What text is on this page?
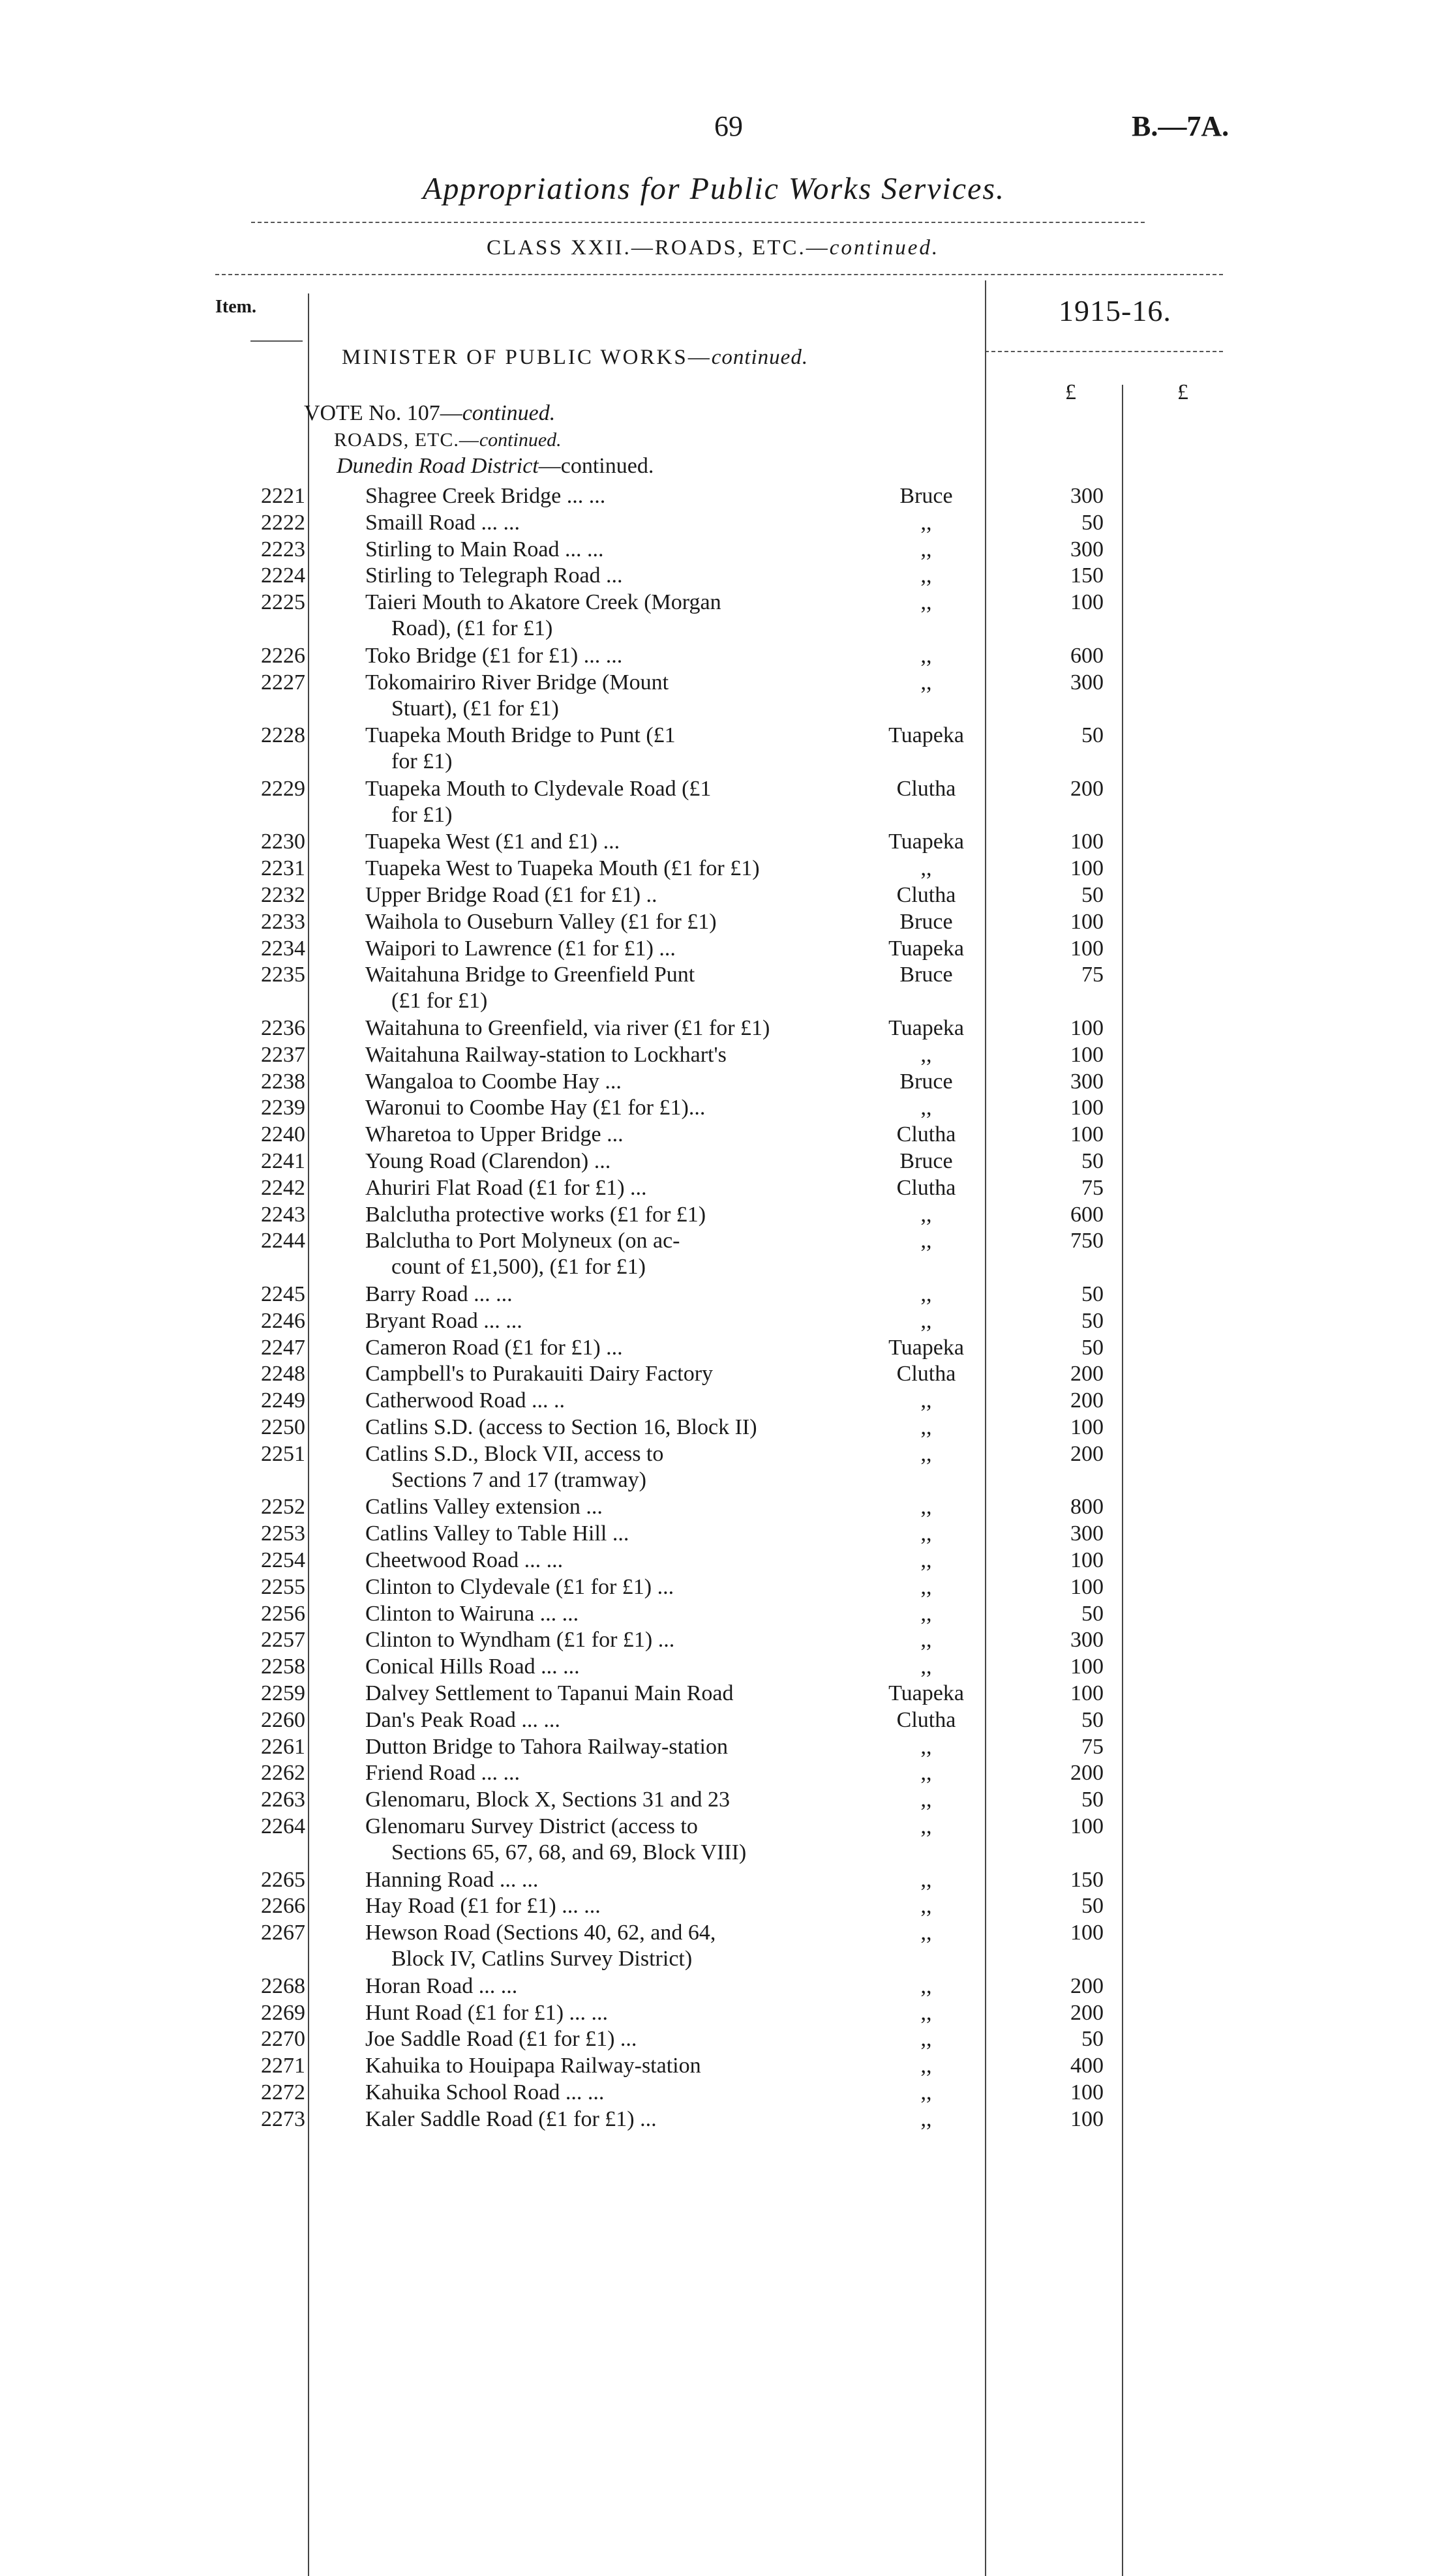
69	B.—7A.
Appropriations for Public Works Services.
CLASS XXII.—ROADS, ETC.—continued.
Item.	1915-16.
£	£
MINISTER OF PUBLIC WORKS—continued.
VOTE No. 107—continued.
ROADS, ETC.—continued.
Dunedin Road District—continued.
2221	Shagree Creek Bridge ... ...	Bruce	300
2222	Smaill Road ... ...	,,	50
2223	Stirling to Main Road ... ...	,,	300
2224	Stirling to Telegraph Road ...	,,	150
2225	Taieri Mouth to Akatore Creek (Morgan	,,	100
Road), (£1 for £1)
2226	Toko Bridge (£1 for £1) ... ...	,,	600
2227	Tokomairiro River Bridge (Mount	,,	300
Stuart), (£1 for £1)
2228	Tuapeka Mouth Bridge to Punt (£1	Tuapeka	50
for £1)
2229	Tuapeka Mouth to Clydevale Road (£1	Clutha	200
for £1)
2230	Tuapeka West (£1 and £1) ...	Tuapeka	100
2231	Tuapeka West to Tuapeka Mouth (£1 for £1)	,,	100
2232	Upper Bridge Road (£1 for £1) ..	Clutha	50
2233	Waihola to Ouseburn Valley (£1 for £1)	Bruce	100
2234	Waipori to Lawrence (£1 for £1) ...	Tuapeka	100
2235	Waitahuna Bridge to Greenfield Punt	Bruce	75
(£1 for £1)
2236	Waitahuna to Greenfield, via river (£1 for £1)	Tuapeka	100
2237	Waitahuna Railway-station to Lockhart's	,,	100
2238	Wangaloa to Coombe Hay ...	Bruce	300
2239	Waronui to Coombe Hay (£1 for £1)...	,,	100
2240	Wharetoa to Upper Bridge ...	Clutha	100
2241	Young Road (Clarendon) ...	Bruce	50
2242	Ahuriri Flat Road (£1 for £1) ...	Clutha	75
2243	Balclutha protective works (£1 for £1)	,,	600
2244	Balclutha to Port Molyneux (on ac-	,,	750
count of £1,500), (£1 for £1)
2245	Barry Road ... ...	,,	50
2246	Bryant Road ... ...	,,	50
2247	Cameron Road (£1 for £1) ...	Tuapeka	50
2248	Campbell's to Purakauiti Dairy Factory	Clutha	200
2249	Catherwood Road ... ..	,,	200
2250	Catlins S.D. (access to Section 16, Block II)	,,	100
2251	Catlins S.D., Block VII, access to	,,	200
Sections 7 and 17 (tramway)
2252	Catlins Valley extension ...	,,	800
2253	Catlins Valley to Table Hill ...	,,	300
2254	Cheetwood Road ... ...	,,	100
2255	Clinton to Clydevale (£1 for £1) ...	,,	100
2256	Clinton to Wairuna ... ...	,,	50
2257	Clinton to Wyndham (£1 for £1) ...	,,	300
2258	Conical Hills Road ... ...	,,	100
2259	Dalvey Settlement to Tapanui Main Road	Tuapeka	100
2260	Dan's Peak Road ... ...	Clutha	50
2261	Dutton Bridge to Tahora Railway-station	,,	75
2262	Friend Road ... ...	,,	200
2263	Glenomaru, Block X, Sections 31 and 23	,,	50
2264	Glenomaru Survey District (access to	,,	100
Sections 65, 67, 68, and 69, Block VIII)
2265	Hanning Road ... ...	,,	150
2266	Hay Road (£1 for £1) ... ...	,,	50
2267	Hewson Road (Sections 40, 62, and 64,	,,	100
Block IV, Catlins Survey District)
2268	Horan Road ... ...	,,	200
2269	Hunt Road (£1 for £1) ... ...	,,	200
2270	Joe Saddle Road (£1 for £1) ...	,,	50
2271	Kahuika to Houipapa Railway-station	,,	400
2272	Kahuika School Road ... ...	,,	100
2273	Kaler Saddle Road (£1 for £1) ...	,,	100
